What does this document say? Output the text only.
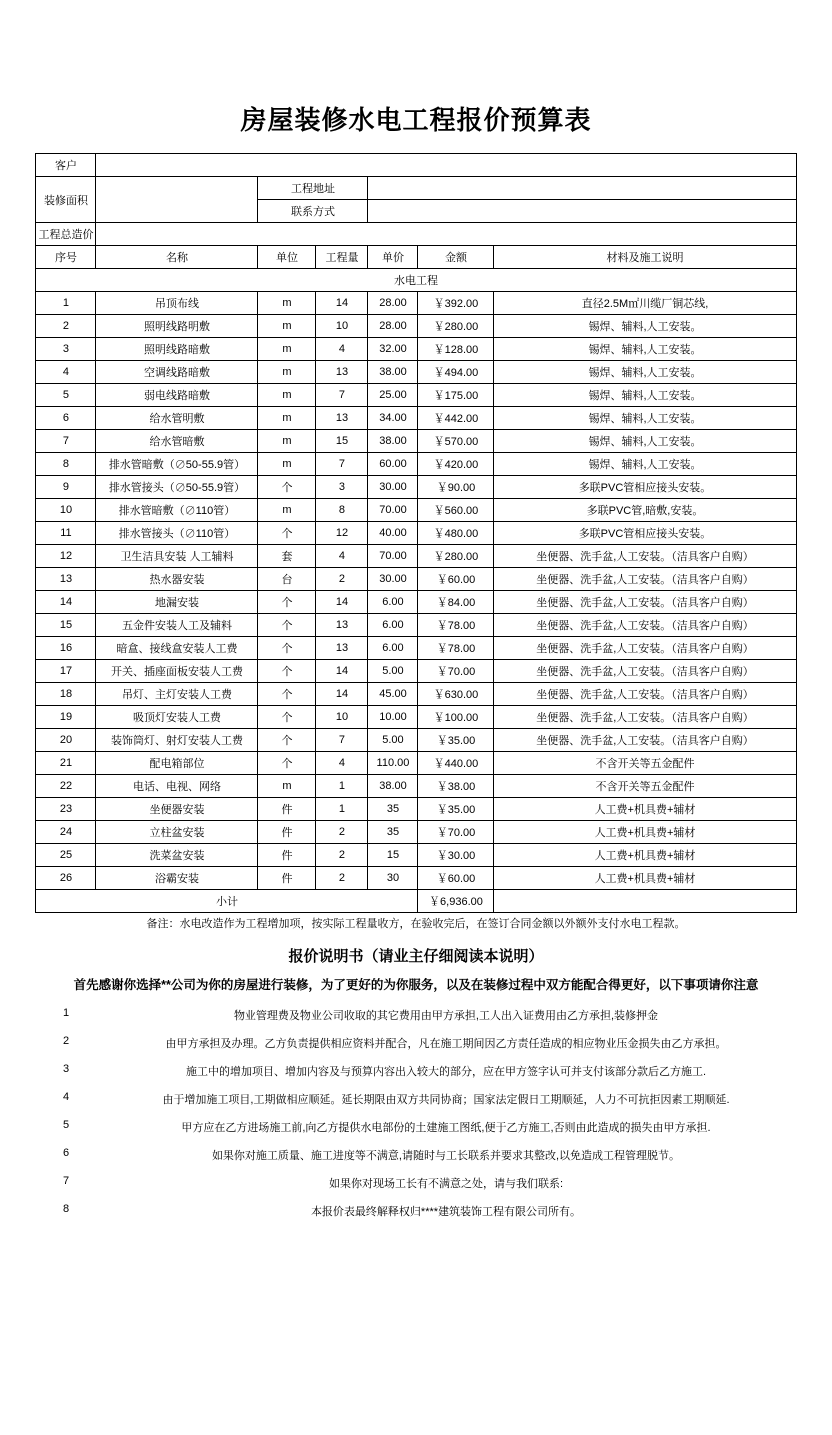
房屋装修水电工程报价预算表
客户						
装修面积		工程地址				
		联系方式				
工程总造价						
序号	名称	单位	工程量	单价	金额	材料及施工说明
水电工程						
1	吊顶布线	m	14	28.00	￥392.00	直径2.5M㎡川缆厂铜芯线,
2	照明线路明敷	m	10	28.00	￥280.00	锡焊、辅料,人工安装。
3	照明线路暗敷	m	4	32.00	￥128.00	锡焊、辅料,人工安装。
4	空调线路暗敷	m	13	38.00	￥494.00	锡焊、辅料,人工安装。
5	弱电线路暗敷	m	7	25.00	￥175.00	锡焊、辅料,人工安装。
6	给水管明敷	m	13	34.00	￥442.00	锡焊、辅料,人工安装。
7	给水管暗敷	m	15	38.00	￥570.00	锡焊、辅料,人工安装。
8	排水管暗敷（∅50-55.9管）	m	7	60.00	￥420.00	锡焊、辅料,人工安装。
9	排水管接头（∅50-55.9管）	个	3	30.00	￥90.00	多联PVC管相应接头安装。
10	排水管暗敷（∅110管）	m	8	70.00	￥560.00	多联PVC管,暗敷,安装。
11	排水管接头（∅110管）	个	12	40.00	￥480.00	多联PVC管相应接头安装。
12	卫生洁具安装 人工辅料	套	4	70.00	￥280.00	坐便器、洗手盆,人工安装。（洁具客户自购）
13	热水器安装	台	2	30.00	￥60.00	坐便器、洗手盆,人工安装。（洁具客户自购）
14	地漏安装	个	14	6.00	￥84.00	坐便器、洗手盆,人工安装。（洁具客户自购）
15	五金件安装人工及辅料	个	13	6.00	￥78.00	坐便器、洗手盆,人工安装。（洁具客户自购）
16	暗盒、接线盒安装人工费	个	13	6.00	￥78.00	坐便器、洗手盆,人工安装。（洁具客户自购）
17	开关、插座面板安装人工费	个	14	5.00	￥70.00	坐便器、洗手盆,人工安装。（洁具客户自购）
18	吊灯、主灯安装人工费	个	14	45.00	￥630.00	坐便器、洗手盆,人工安装。（洁具客户自购）
19	吸顶灯安装人工费	个	10	10.00	￥100.00	坐便器、洗手盆,人工安装。（洁具客户自购）
20	装饰筒灯、射灯安装人工费	个	7	5.00	￥35.00	坐便器、洗手盆,人工安装。（洁具客户自购）
21	配电箱部位	个	4	110.00	￥440.00	不含开关等五金配件
22	电话、电视、网络	m	1	38.00	￥38.00	不含开关等五金配件
23	坐便器安装	件	1	35	￥35.00	人工费+机具费+辅材
24	立柱盆安装	件	2	35	￥70.00	人工费+机具费+辅材
25	洗菜盆安装	件	2	15	￥30.00	人工费+机具费+辅材
26	浴霸安装	件	2	30	￥60.00	人工费+机具费+辅材
小计					￥6,936.00	
备注：水电改造作为工程增加项，按实际工程量收方，在验收完后，在签订合同金额以外额外支付水电工程款。
报价说明书（请业主仔细阅读本说明）
首先感谢你选择**公司为你的房屋进行装修，为了更好的为你服务，以及在装修过程中双方能配合得更好，以下事项请你注意
1	物业管理费及物业公司收取的其它费用由甲方承担,工人出入证费用由乙方承担,装修押金
2	由甲方承担及办理。乙方负责提供相应资料并配合，凡在施工期间因乙方责任造成的相应物业压金损失由乙方承担。
3	施工中的增加项目、增加内容及与预算内容出入较大的部分，应在甲方签字认可并支付该部分款后乙方施工.
4	由于增加施工项目,工期做相应顺延。延长期限由双方共同协商；国家法定假日工期顺延，人力不可抗拒因素工期顺延.
5	甲方应在乙方进场施工前,向乙方提供水电部份的土建施工图纸,便于乙方施工,否则由此造成的损失由甲方承担.
6	如果你对施工质量、施工进度等不满意,请随时与工长联系并要求其整改,以免造成工程管理脱节。
7	如果你对现场工长有不满意之处，请与我们联系:
8	本报价表最终解释权归****建筑装饰工程有限公司所有。
